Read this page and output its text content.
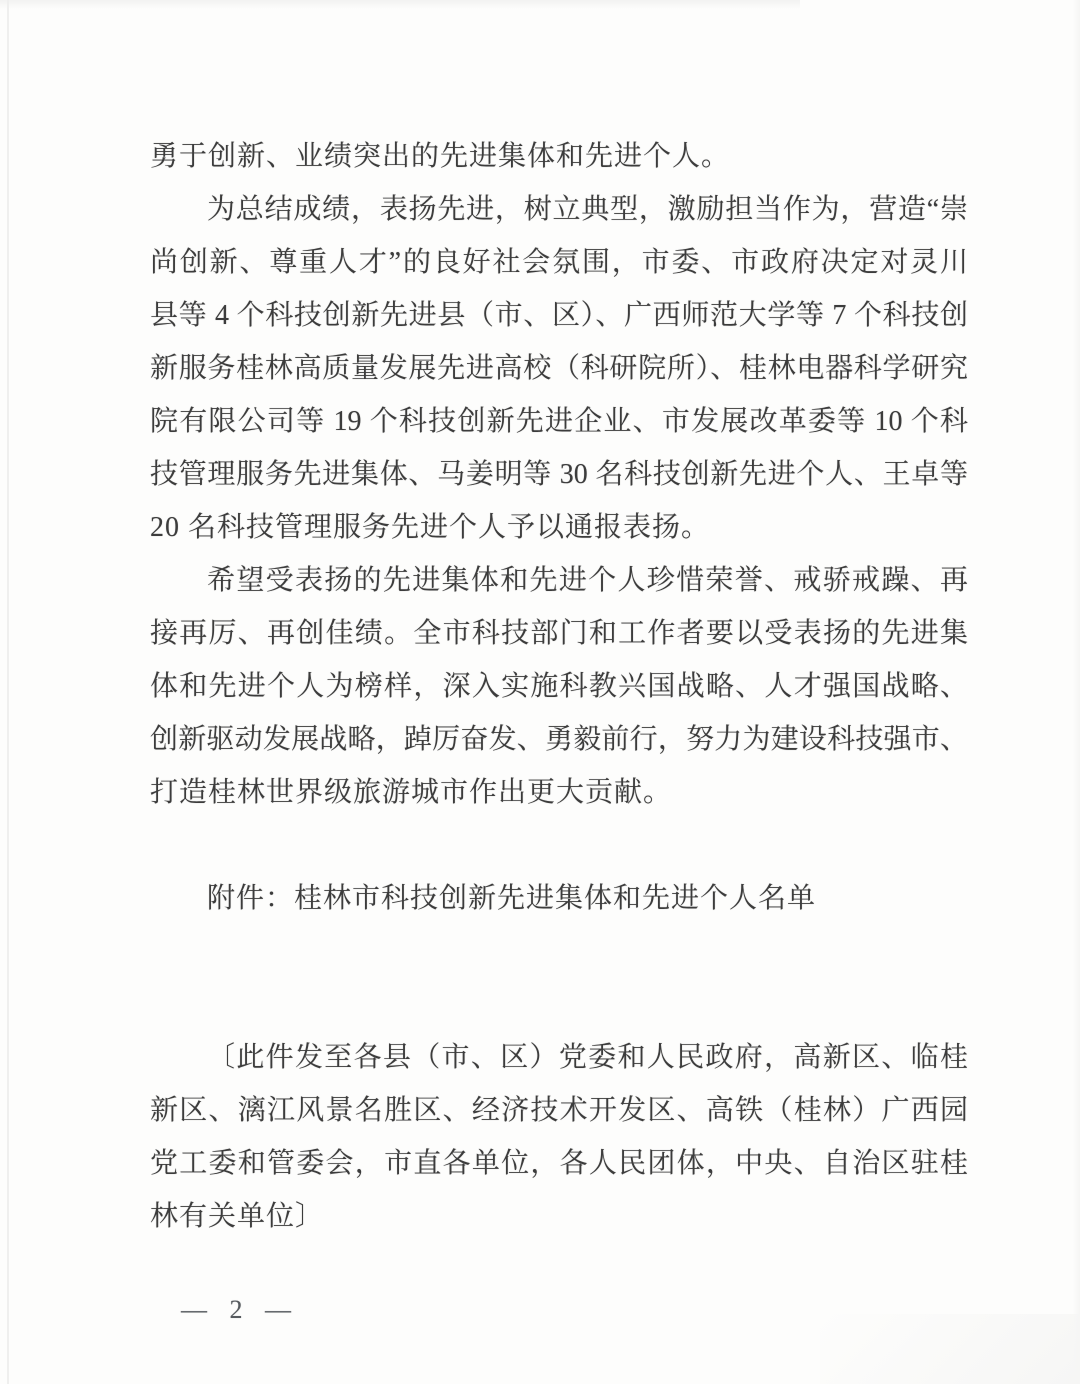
勇于创新、业绩突出的先进集体和先进个人。
为总结成绩，表扬先进，树立典型，激励担当作为，营造“崇
尚创新、尊重人才”的良好社会氛围，市委、市政府决定对灵川
县等 4 个科技创新先进县（市、区）、广西师范大学等 7 个科技创
新服务桂林高质量发展先进高校（科研院所）、桂林电器科学研究
院有限公司等 19 个科技创新先进企业、市发展改革委等 10 个科
技管理服务先进集体、马姜明等 30 名科技创新先进个人、王卓等
20 名科技管理服务先进个人予以通报表扬。
希望受表扬的先进集体和先进个人珍惜荣誉、戒骄戒躁、再
接再厉、再创佳绩。全市科技部门和工作者要以受表扬的先进集
体和先进个人为榜样，深入实施科教兴国战略、人才强国战略、
创新驱动发展战略，踔厉奋发、勇毅前行，努力为建设科技强市、
打造桂林世界级旅游城市作出更大贡献。
附件：桂林市科技创新先进集体和先进个人名单
〔此件发至各县（市、区）党委和人民政府，高新区、临桂
新区、漓江风景名胜区、经济技术开发区、高铁（桂林）广西园
党工委和管委会，市直各单位，各人民团体，中央、自治区驻桂
林有关单位〕
— 2 —
